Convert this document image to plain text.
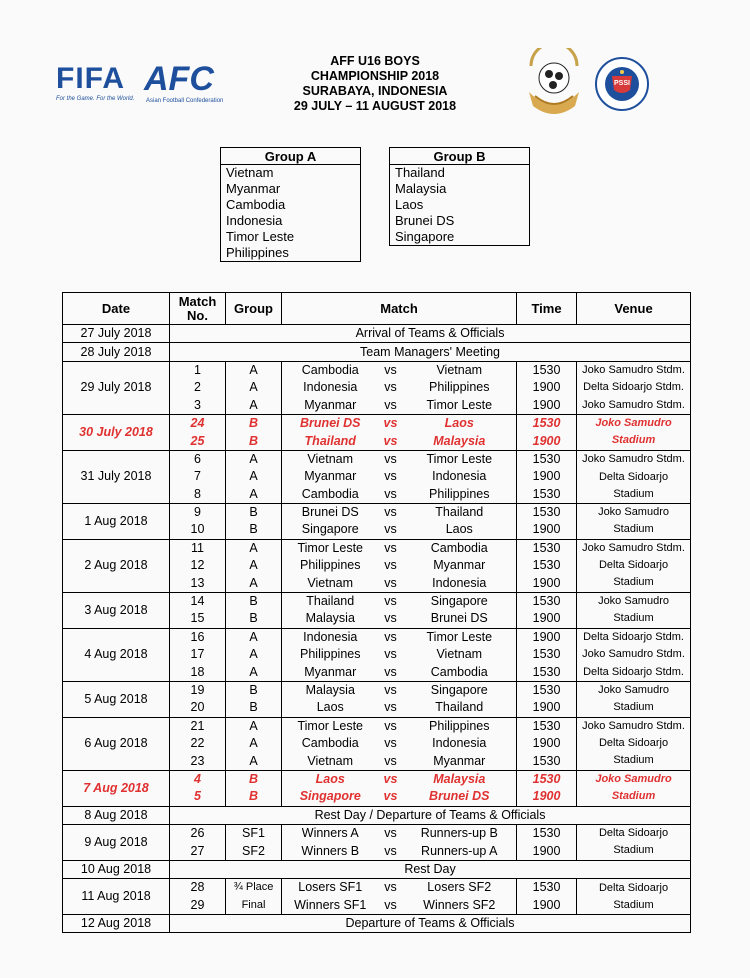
FIFA
For the Game. For the World.
AFC
Asian Football Confederation
AFF U16 BOYS
CHAMPIONSHIP 2018
SURABAYA, INDONESIA
29 JULY – 11 AUGUST 2018
PSSI
Group A
Vietnam
Myanmar
Cambodia
Indonesia
Timor Leste
Philippines
Group B
Thailand
Malaysia
Laos
Brunei DS
Singapore
Date	Match No.	Group	Match			Time	Venue
27 July 2018	Arrival of Teams & Officials						
28 July 2018	Team Managers' Meeting						
29 July 2018	1	A	Cambodia	vs	Vietnam	1530	Joko Samudro Stdm.
	2	A	Indonesia	vs	Philippines	1900	Delta Sidoarjo Stdm.
	3	A	Myanmar	vs	Timor Leste	1900	Joko Samudro Stdm.
30 July 2018	24	B	Brunei DS	vs	Laos	1530	Joko Samudro
Stadium

	25	B	Thailand	vs	Malaysia	1900	
31 July 2018	6	A	Vietnam	vs	Timor Leste	1530	Joko Samudro Stdm.
	7	A	Myanmar	vs	Indonesia	1900	Delta Sidoarjo
Stadium

	8	A	Cambodia	vs	Philippines	1530	
1 Aug 2018	9	B	Brunei DS	vs	Thailand	1530	Joko Samudro
Stadium

	10	B	Singapore	vs	Laos	1900	
2 Aug 2018	11	A	Timor Leste	vs	Cambodia	1530	Joko Samudro Stdm.
	12	A	Philippines	vs	Myanmar	1530	Delta Sidoarjo
Stadium

	13	A	Vietnam	vs	Indonesia	1900	
3 Aug 2018	14	B	Thailand	vs	Singapore	1530	Joko Samudro
Stadium

	15	B	Malaysia	vs	Brunei DS	1900	
4 Aug 2018	16	A	Indonesia	vs	Timor Leste	1900	Delta Sidoarjo Stdm.
	17	A	Philippines	vs	Vietnam	1530	Joko Samudro Stdm.
	18	A	Myanmar	vs	Cambodia	1530	Delta Sidoarjo Stdm.
5 Aug 2018	19	B	Malaysia	vs	Singapore	1530	Joko Samudro
Stadium

	20	B	Laos	vs	Thailand	1900	
6 Aug 2018	21	A	Timor Leste	vs	Philippines	1530	Joko Samudro Stdm.
	22	A	Cambodia	vs	Indonesia	1900	Delta Sidoarjo
Stadium

	23	A	Vietnam	vs	Myanmar	1530	
7 Aug 2018	4	B	Laos	vs	Malaysia	1530	Joko Samudro
Stadium

	5	B	Singapore	vs	Brunei DS	1900	
8 Aug 2018	Rest Day / Departure of Teams & Officials						
9 Aug 2018	26	SF1	Winners A	vs	Runners-up B	1530	Delta Sidoarjo
Stadium

	27	SF2	Winners B	vs	Runners-up A	1900	
10 Aug 2018	Rest Day						
11 Aug 2018	28	¾ Place	Losers SF1	vs	Losers SF2	1530	Delta Sidoarjo
Stadium

	29	Final	Winners SF1	vs	Winners SF2	1900	
12 Aug 2018	Departure of Teams & Officials						
